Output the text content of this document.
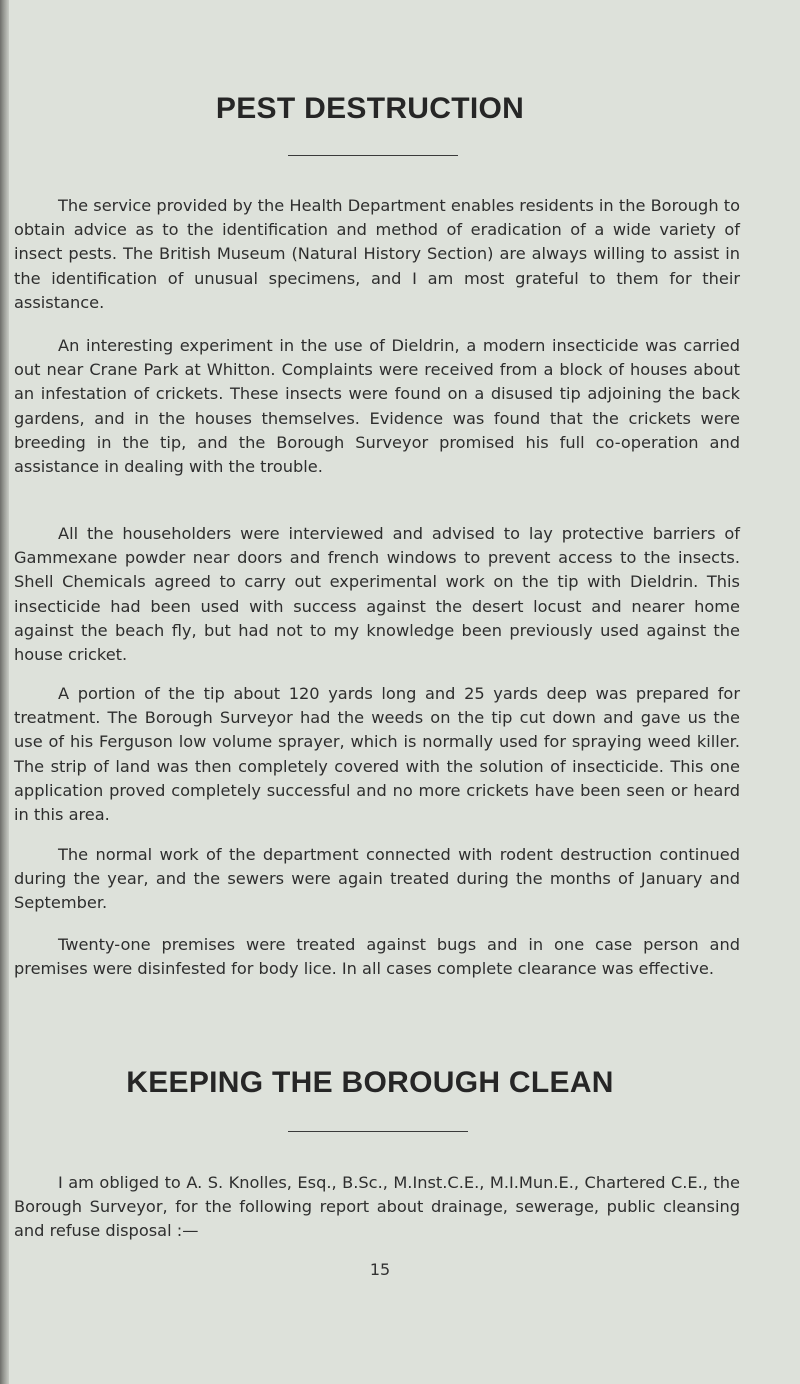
PEST DESTRUCTION

The service provided by the Health Department enables residents in the Borough to obtain advice as to the identification and method of eradication of a wide variety of insect pests. The British Museum (Natural History Section) are always willing to assist in the identification of unusual specimens, and I am most grateful to them for their assistance.

An interesting experiment in the use of Dieldrin, a modern insecticide was carried out near Crane Park at Whitton. Complaints were received from a block of houses about an infestation of crickets. These insects were found on a disused tip adjoining the back gardens, and in the houses themselves. Evidence was found that the crickets were breeding in the tip, and the Borough Surveyor promised his full co-operation and assistance in dealing with the trouble.

All the householders were interviewed and advised to lay protective barriers of Gammexane powder near doors and french windows to prevent access to the insects. Shell Chemicals agreed to carry out experimental work on the tip with Dieldrin. This insecticide had been used with success against the desert locust and nearer home against the beach fly, but had not to my knowledge been previously used against the house cricket.

A portion of the tip about 120 yards long and 25 yards deep was prepared for treatment. The Borough Surveyor had the weeds on the tip cut down and gave us the use of his Ferguson low volume sprayer, which is normally used for spraying weed killer. The strip of land was then completely covered with the solution of insecticide. This one application proved completely successful and no more crickets have been seen or heard in this area.

The normal work of the department connected with rodent destruction continued during the year, and the sewers were again treated during the months of January and September.

Twenty-one premises were treated against bugs and in one case person and premises were disinfested for body lice. In all cases complete clearance was effective.

KEEPING THE BOROUGH CLEAN

I am obliged to A. S. Knolles, Esq., B.Sc., M.Inst.C.E., M.I.Mun.E., Chartered C.E., the Borough Surveyor, for the following report about drainage, sewerage, public cleansing and refuse disposal :—

15
